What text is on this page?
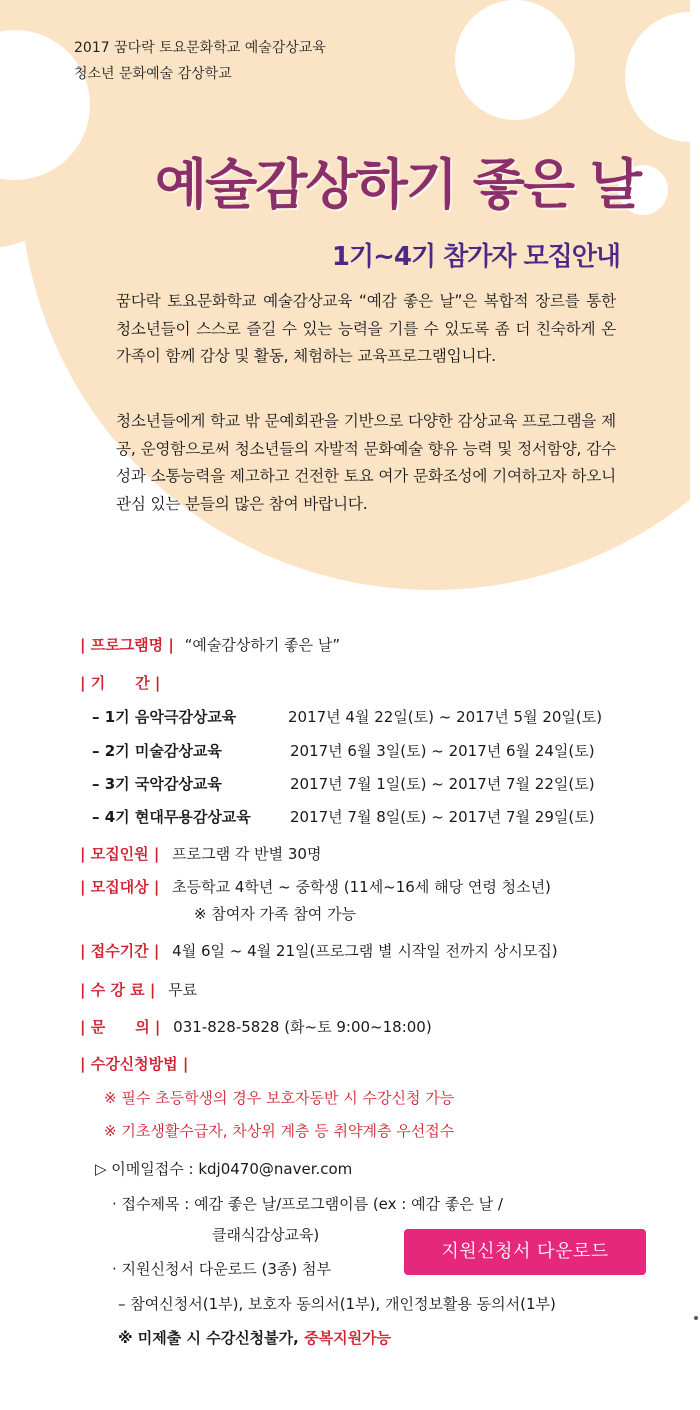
2017 꿈다락 토요문화학교 예술감상교육
청소년 문화예술 감상학교
예술감상하기 좋은 날
1기~4기 참가자 모집안내
꿈다락 토요문화학교 예술감상교육 “예감 좋은 날”은 복합적 장르를 통한 청소년들이 스스로 즐길 수 있는 능력을 기를 수 있도록 좀 더 친숙하게 온 가족이 함께 감상 및 활동, 체험하는 교육프로그램입니다.
청소년들에게 학교 밖 문예회관을 기반으로 다양한 감상교육 프로그램을 제공, 운영함으로써 청소년들의 자발적 문화예술 향유 능력 및 정서함양, 감수성과 소통능력을 제고하고 건전한 토요 여가 문화조성에 기여하고자 하오니 관심 있는 분들의 많은 참여 바랍니다.
| 프로그램명 | “예술감상하기 좋은 날”
| 기　　간 |
– 1기 음악극감상교육	2017년 4월 22일(토) ~ 2017년 5월 20일(토)
– 2기 미술감상교육	2017년 6월 3일(토) ~ 2017년 6월 24일(토)
– 3기 국악감상교육	2017년 7월 1일(토) ~ 2017년 7월 22일(토)
– 4기 현대무용감상교육	2017년 7월 8일(토) ~ 2017년 7월 29일(토)
| 모집인원 | 프로그램 각 반별 30명
| 모집대상 | 초등학교 4학년 ~ 중학생 (11세~16세 해당 연령 청소년)
※ 참여자 가족 참여 가능
| 접수기간 | 4월 6일 ~ 4월 21일(프로그램 별 시작일 전까지 상시모집)
| 수 강 료 | 무료
| 문　　의 | 031-828-5828 (화~토 9:00~18:00)
| 수강신청방법 |
※ 필수 초등학생의 경우 보호자동반 시 수강신청 가능
※ 기초생활수급자, 차상위 계층 등 취약계층 우선접수
▷ 이메일접수 : kdj0470@naver.com
· 접수제목 : 예감 좋은 날/프로그램이름 (ex : 예감 좋은 날 /
클래식감상교육)
· 지원신청서 다운로드 (3종) 첨부
– 참여신청서(1부), 보호자 동의서(1부), 개인정보활용 동의서(1부)
※ 미제출 시 수강신청불가, 중복지원가능
지원신청서 다운로드
